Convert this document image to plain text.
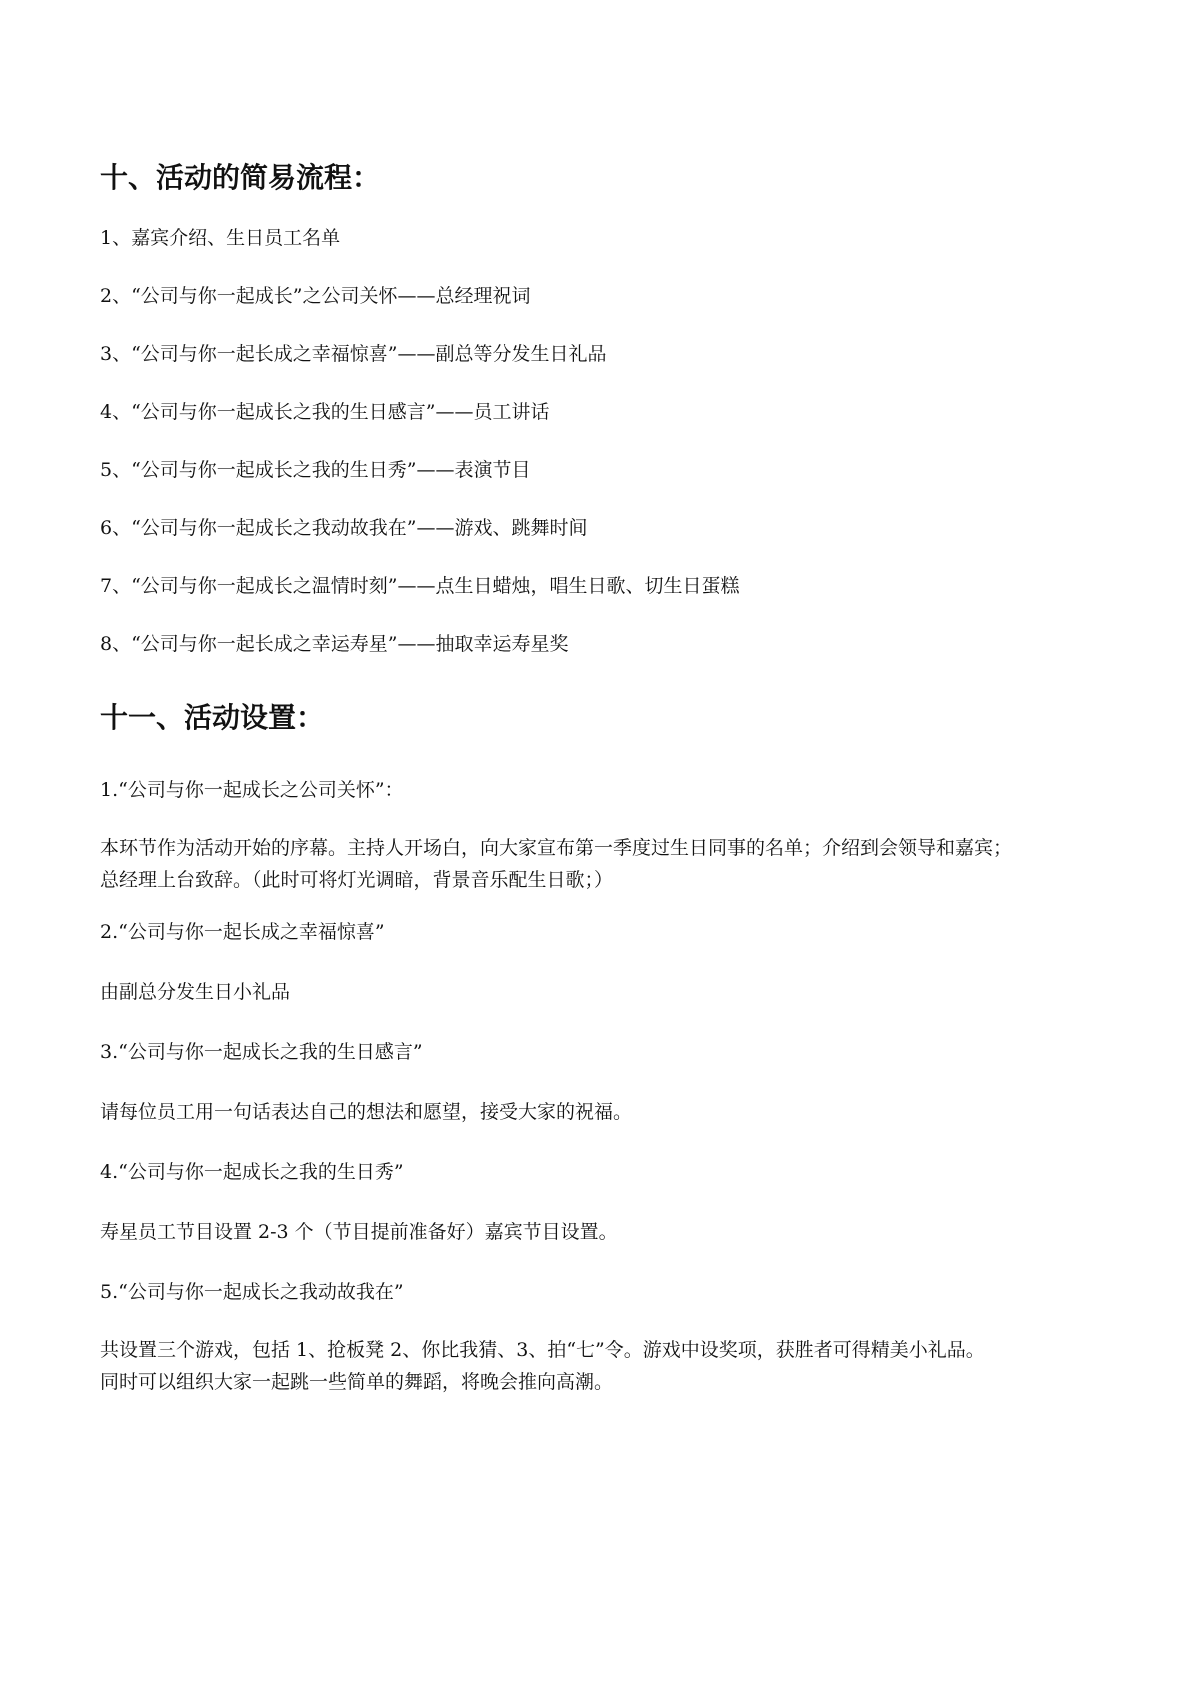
十、活动的简易流程：

1、嘉宾介绍、生日员工名单

2、“公司与你一起成长”之公司关怀——总经理祝词

3、“公司与你一起长成之幸福惊喜”——副总等分发生日礼品

4、“公司与你一起成长之我的生日感言”——员工讲话

5、“公司与你一起成长之我的生日秀”——表演节目

6、“公司与你一起成长之我动故我在”——游戏、跳舞时间

7、“公司与你一起成长之温情时刻”——点生日蜡烛，唱生日歌、切生日蛋糕

8、“公司与你一起长成之幸运寿星”——抽取幸运寿星奖

十一、活动设置：

1.“公司与你一起成长之公司关怀”：

本环节作为活动开始的序幕。主持人开场白，向大家宣布第一季度过生日同事的名单；介绍到会领导和嘉宾；
总经理上台致辞。（此时可将灯光调暗，背景音乐配生日歌；）

2.“公司与你一起长成之幸福惊喜”

由副总分发生日小礼品

3.“公司与你一起成长之我的生日感言”

请每位员工用一句话表达自己的想法和愿望，接受大家的祝福。

4.“公司与你一起成长之我的生日秀”

寿星员工节目设置 2-3 个（节目提前准备好）嘉宾节目设置。

5.“公司与你一起成长之我动故我在”

共设置三个游戏，包括 1、抢板凳 2、你比我猜、3、拍“七”令。游戏中设奖项，获胜者可得精美小礼品。
同时可以组织大家一起跳一些简单的舞蹈，将晚会推向高潮。
